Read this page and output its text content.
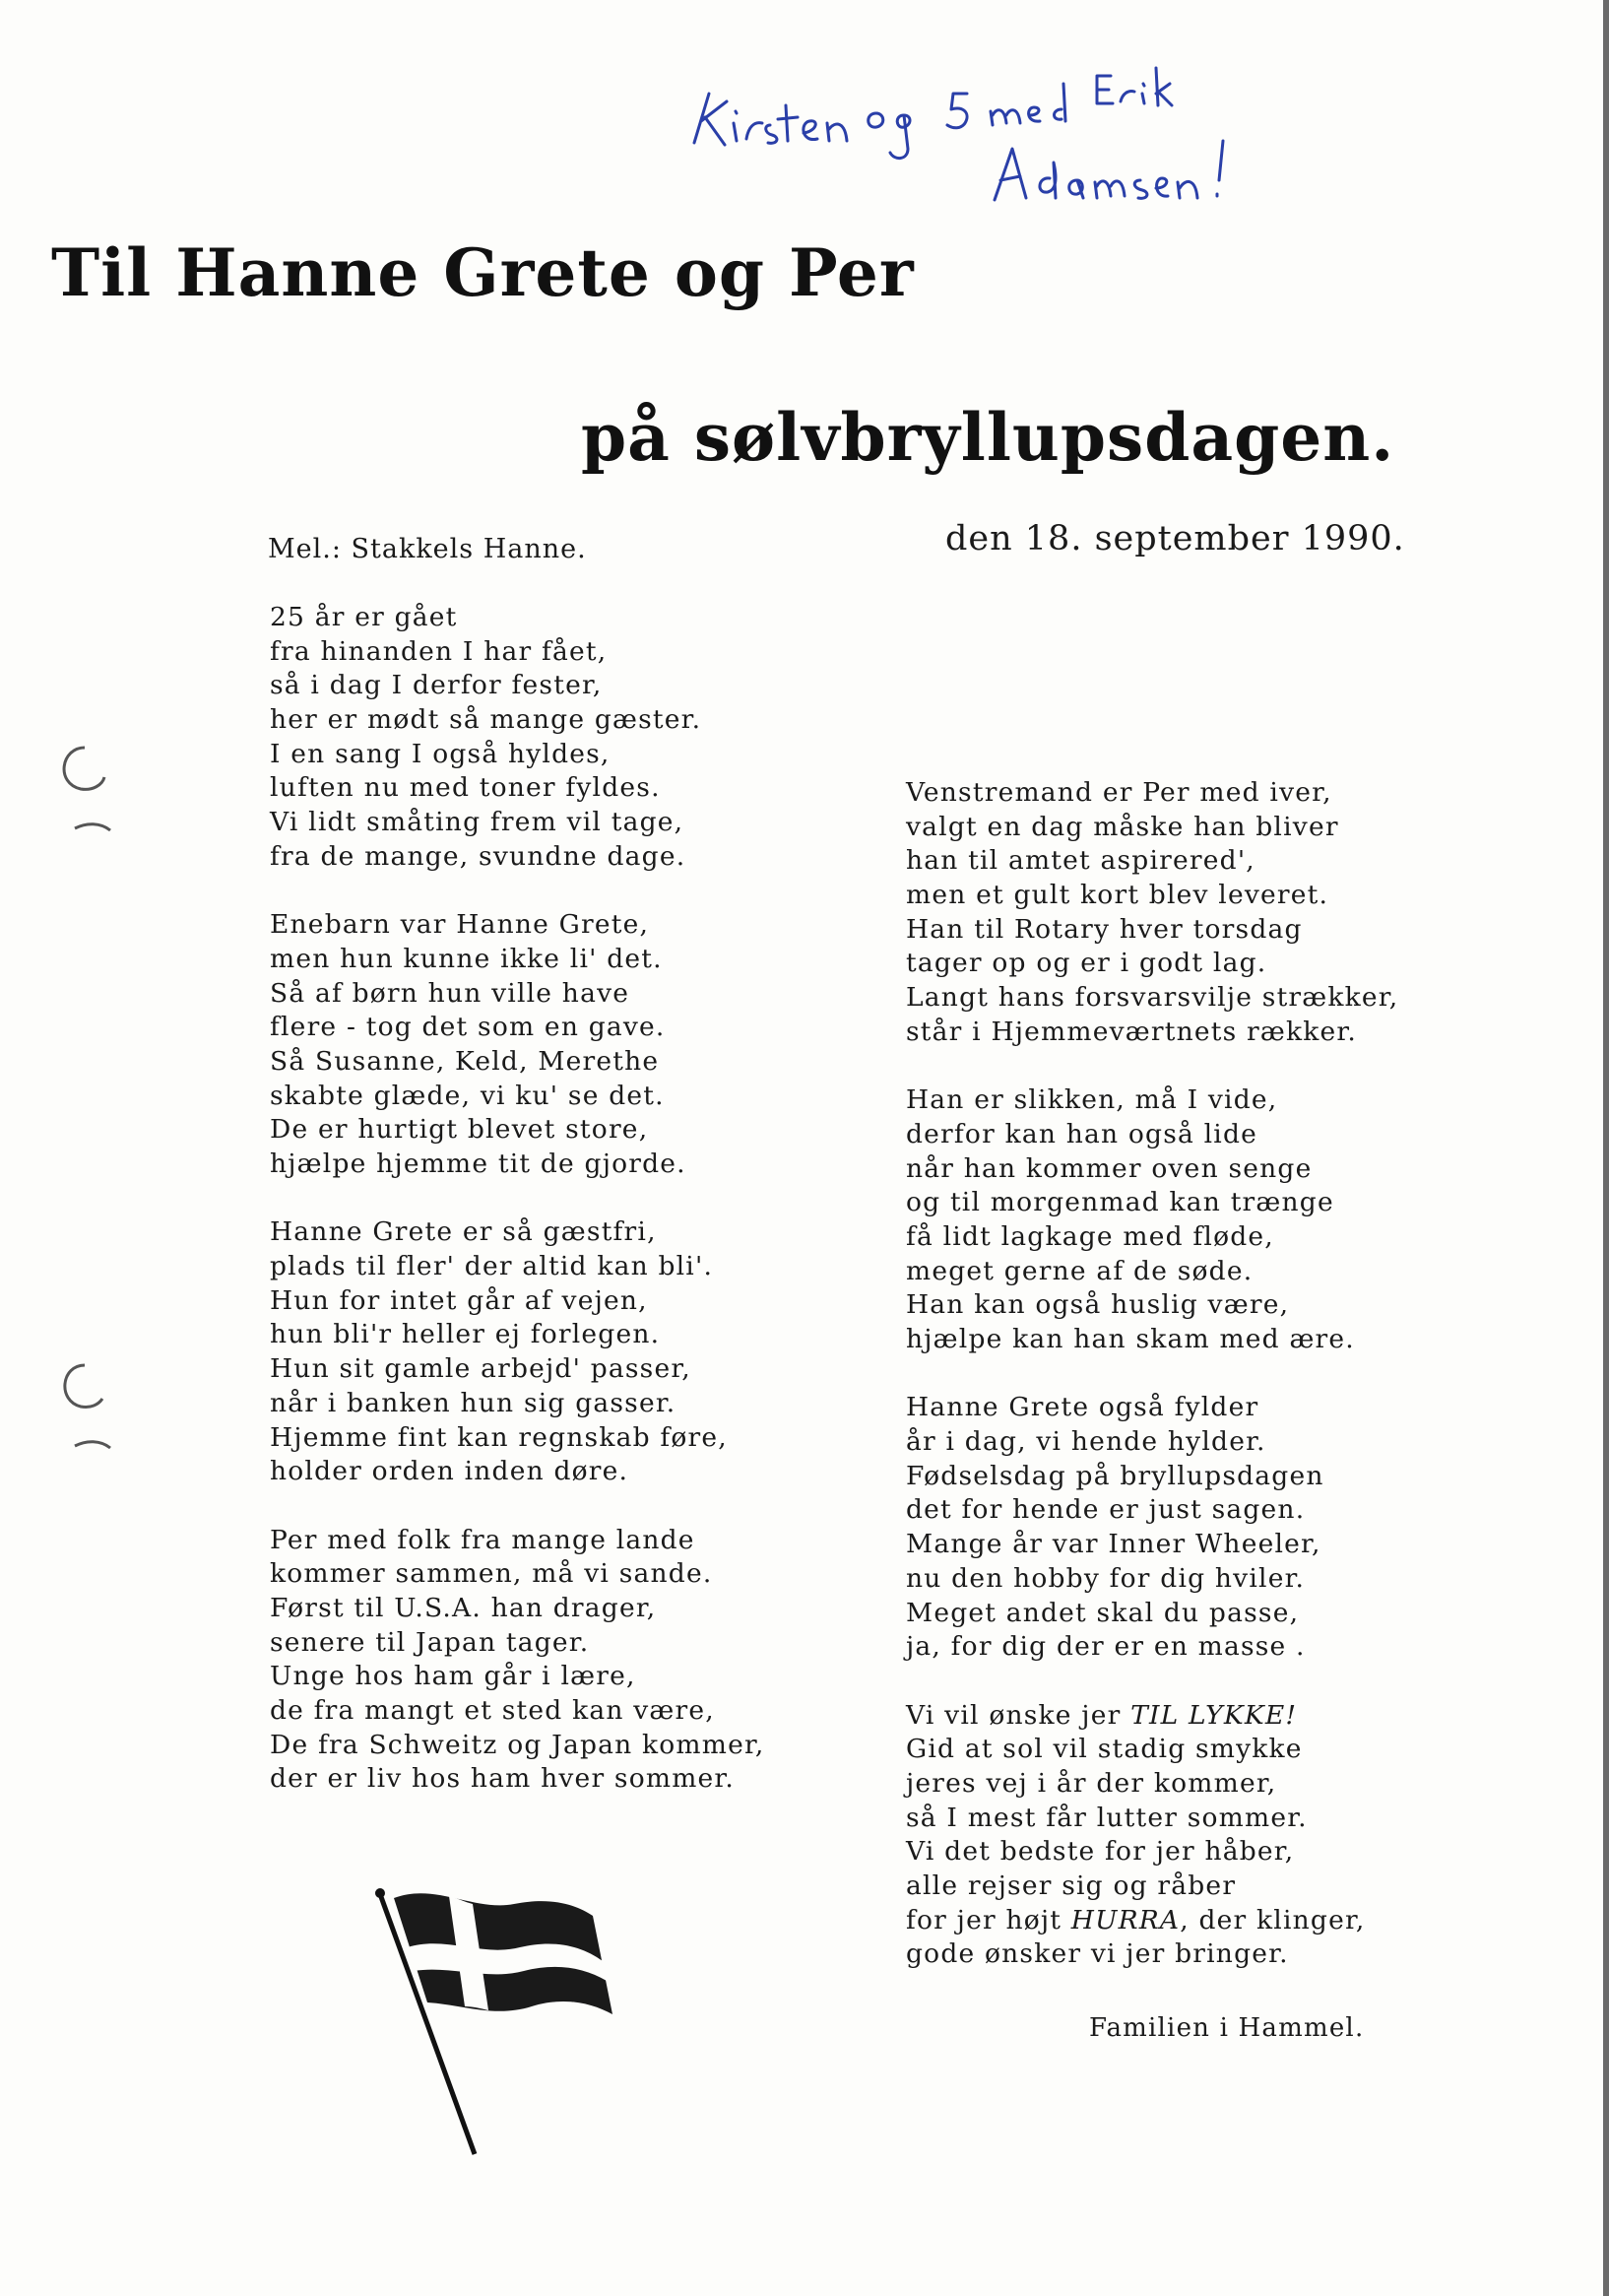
Til Hanne Grete og Per
på sølvbryllupsdagen.
Mel.: Stakkels Hanne.	den 18. september 1990.
25 år er gået
fra hinanden I har fået,
så i dag I derfor fester,
her er mødt så mange gæster.
I en sang I også hyldes,
luften nu med toner fyldes.
Vi lidt småting frem vil tage,
fra de mange, svundne dage.
Enebarn var Hanne Grete,
men hun kunne ikke li' det.
Så af børn hun ville have
flere - tog det som en gave.
Så Susanne, Keld, Merethe
skabte glæde, vi ku' se det.
De er hurtigt blevet store,
hjælpe hjemme tit de gjorde.
Hanne Grete er så gæstfri,
plads til fler' der altid kan bli'.
Hun for intet går af vejen,
hun bli'r heller ej forlegen.
Hun sit gamle arbejd' passer,
når i banken hun sig gasser.
Hjemme fint kan regnskab føre,
holder orden inden døre.
Per med folk fra mange lande
kommer sammen, må vi sande.
Først til U.S.A. han drager,
senere til Japan tager.
Unge hos ham går i lære,
de fra mangt et sted kan være,
De fra Schweitz og Japan kommer,
der er liv hos ham hver sommer.
Venstremand er Per med iver,
valgt en dag måske han bliver
han til amtet aspirered',
men et gult kort blev leveret.
Han til Rotary hver torsdag
tager op og er i godt lag.
Langt hans forsvarsvilje strækker,
står i Hjemmeværtnets rækker.
Han er slikken, må I vide,
derfor kan han også lide
når han kommer oven senge
og til morgenmad kan trænge
få lidt lagkage med fløde,
meget gerne af de søde.
Han kan også huslig være,
hjælpe kan han skam med ære.
Hanne Grete også fylder
år i dag, vi hende hylder.
Fødselsdag på bryllupsdagen
det for hende er just sagen.
Mange år var Inner Wheeler,
nu den hobby for dig hviler.
Meget andet skal du passe,
ja, for dig der er en masse .
Vi vil ønske jer TIL LYKKE!
Gid at sol vil stadig smykke
jeres vej i år der kommer,
så I mest får lutter sommer.
Vi det bedste for jer håber,
alle rejser sig og råber
for jer højt HURRA, der klinger,
gode ønsker vi jer bringer.
Familien i Hammel.
